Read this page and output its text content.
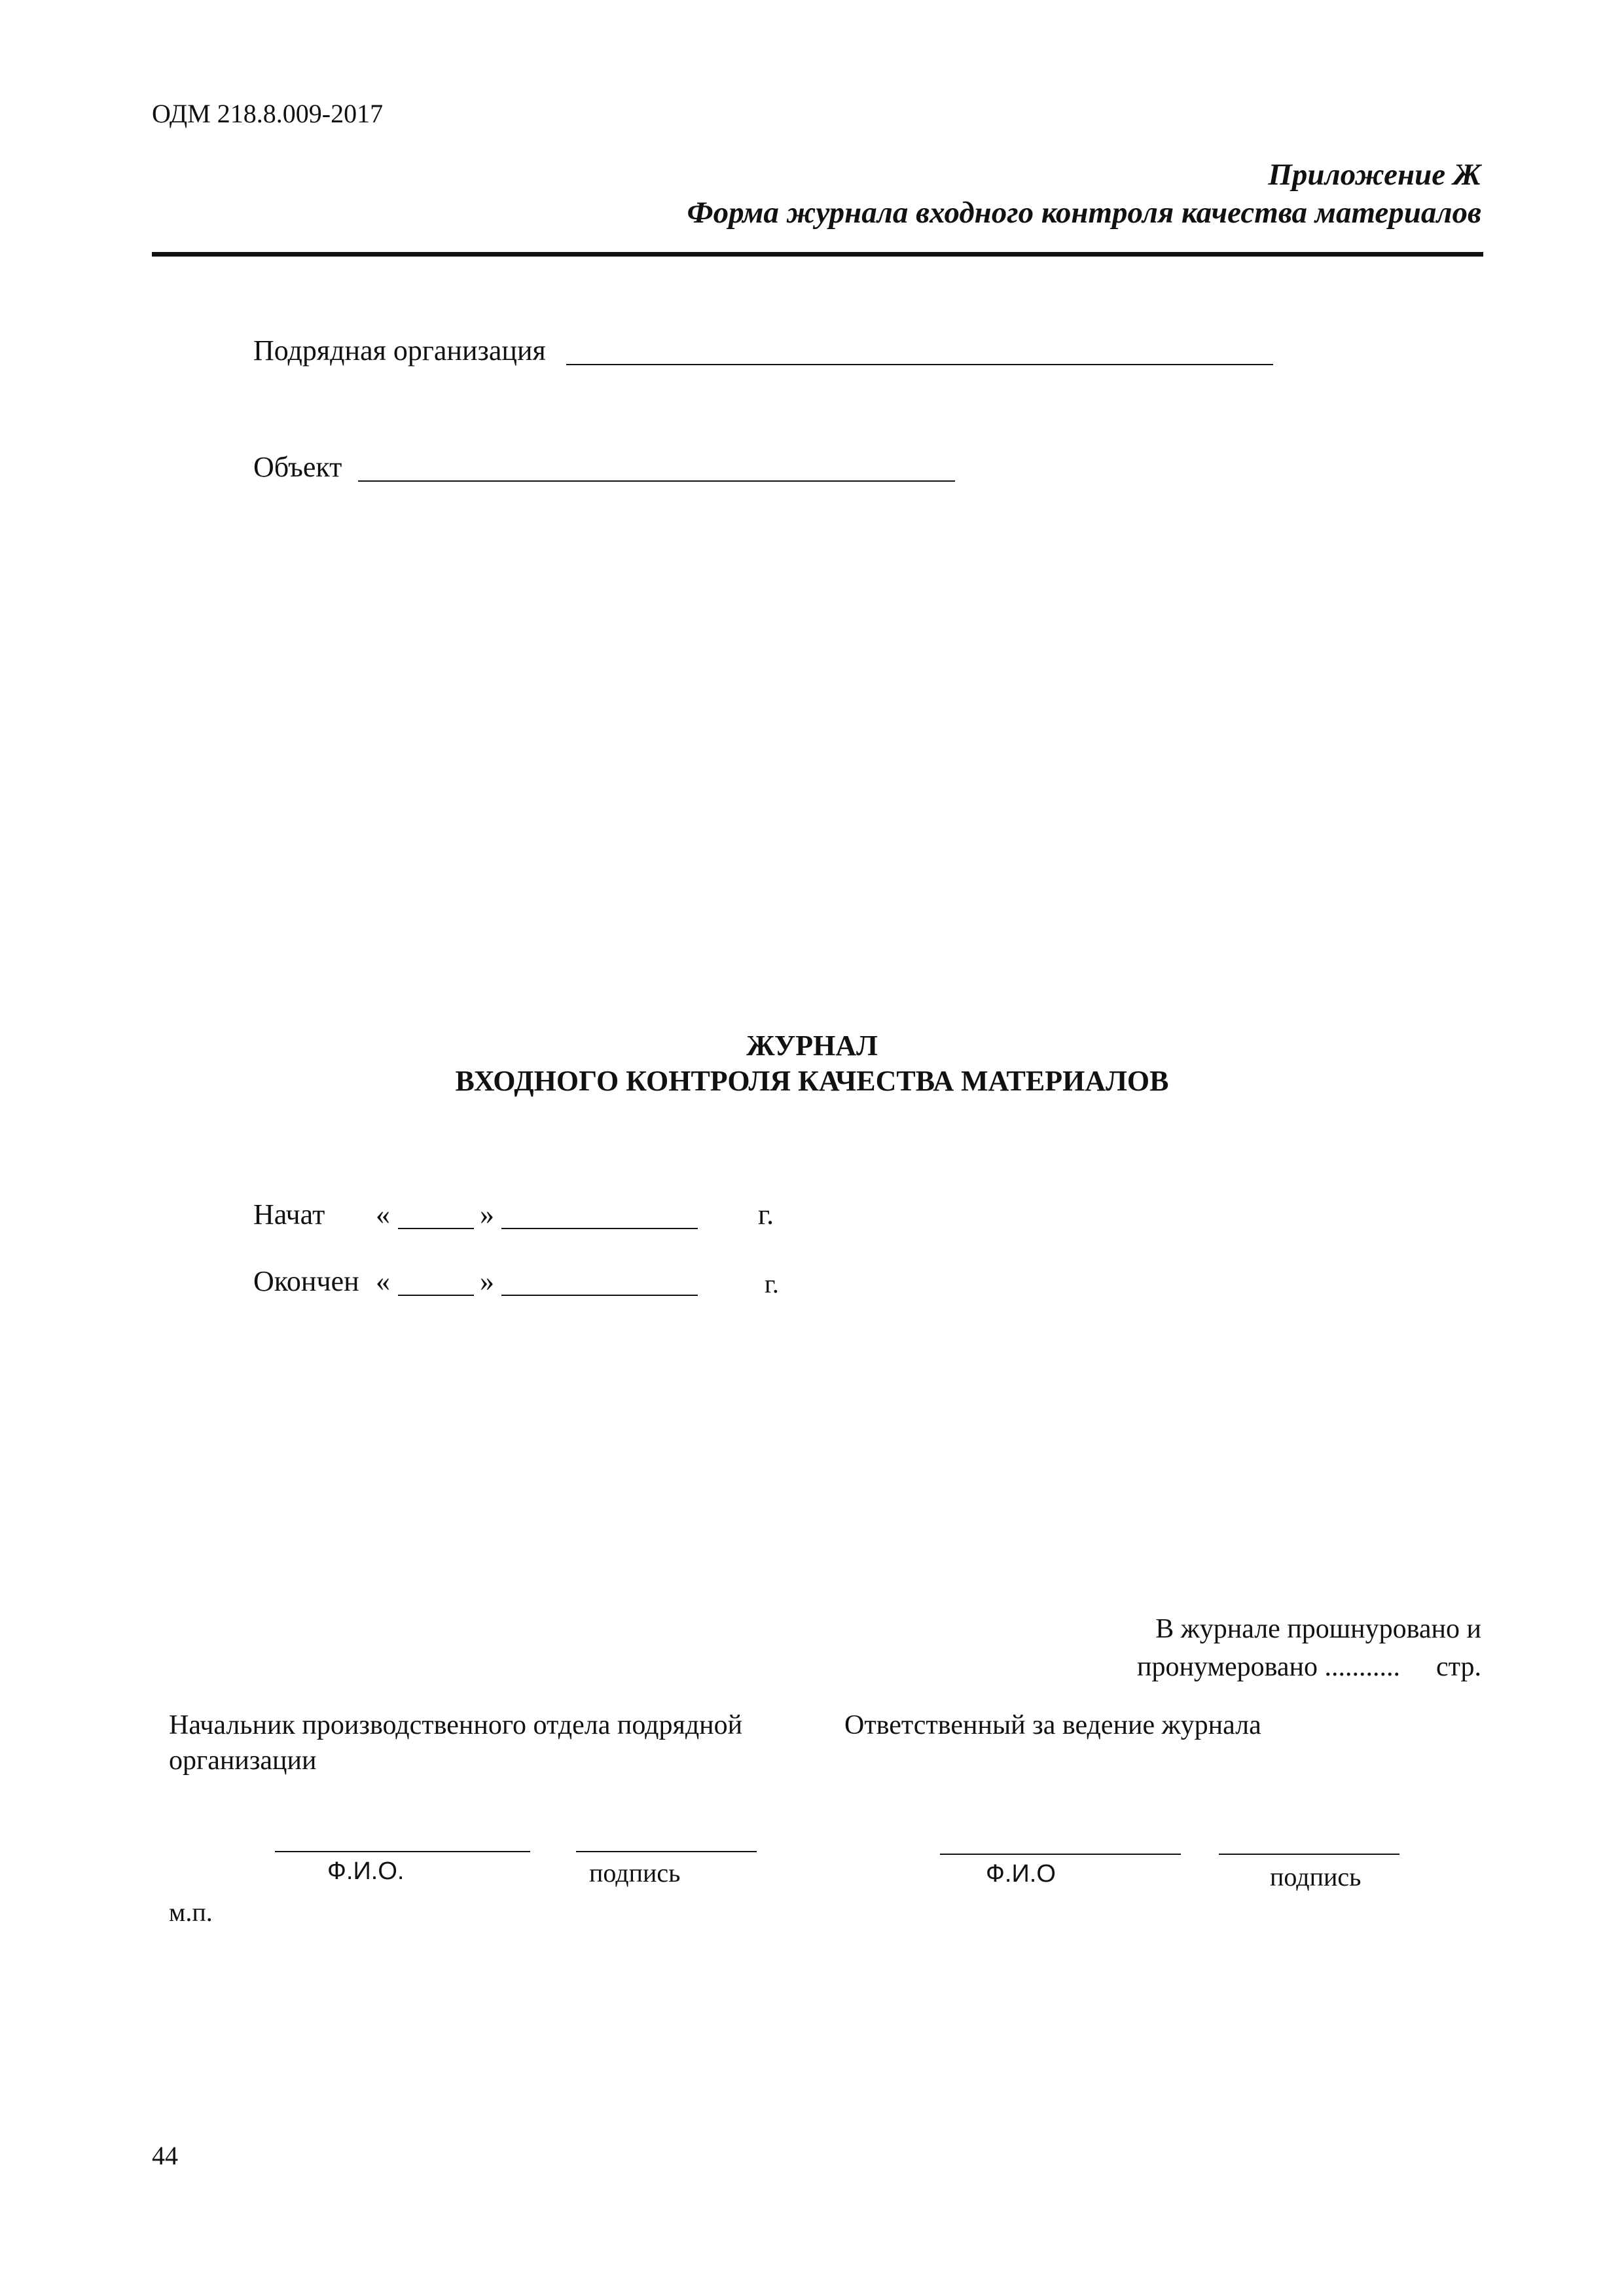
ОДМ 218.8.009-2017
Приложение Ж
Форма журнала входного контроля качества материалов
Подрядная организация
Объект
ЖУРНАЛ
ВХОДНОГО КОНТРОЛЯ КАЧЕСТВА МАТЕРИАЛОВ
Начат «	»	г.
Окончен «	»	г.
В журнале прошнуровано и
пронумеровано ........... стр.
Начальник производственного отдела подрядной
организации
Ответственный за ведение журнала
Ф.И.О.	подпись	Ф.И.О	подпись
м.п.
44
